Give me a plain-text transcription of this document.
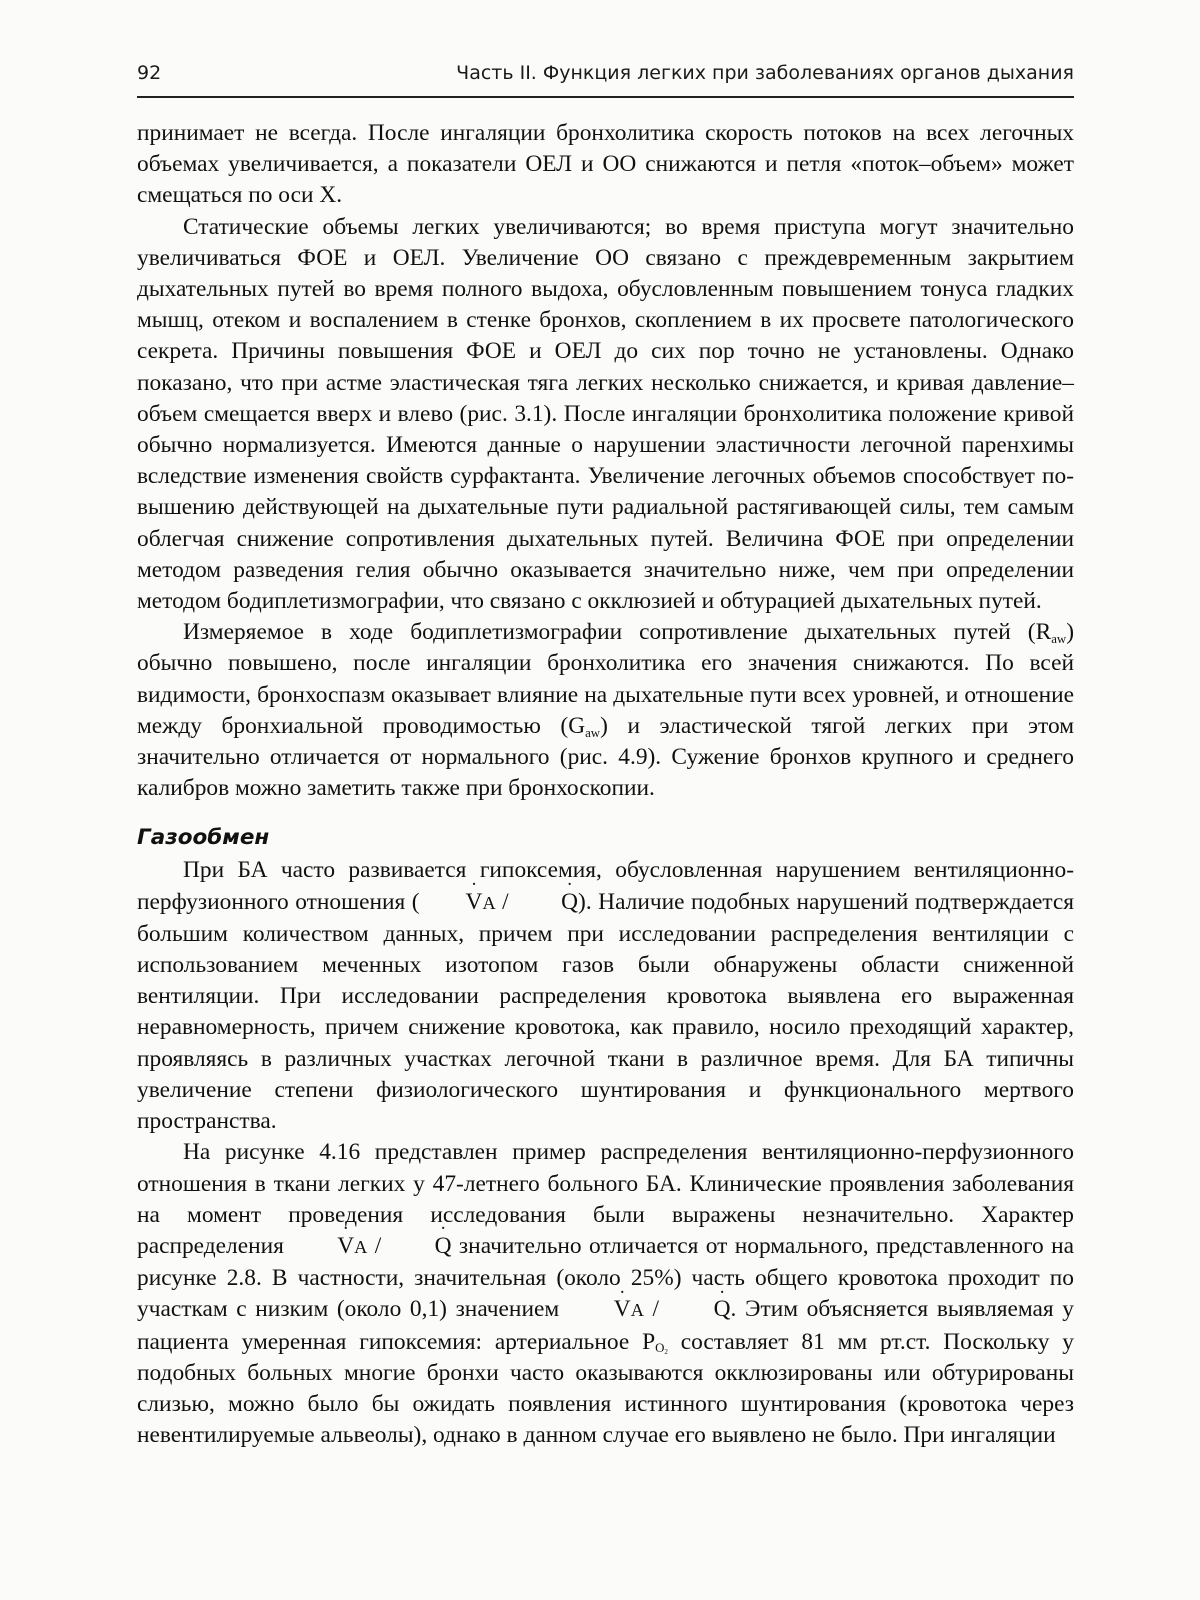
92	Часть II. Функция легких при заболеваниях органов дыхания

принимает не всегда. После ингаляции бронхолитика скорость потоков на всех легочных объемах увеличивается, а показатели ОЕЛ и ОО снижаются и петля «поток–объем» может смещаться по оси X.

Статические объемы легких увеличиваются; во время приступа могут значительно увеличиваться ФОЕ и ОЕЛ. Увеличение ОО связано с преждевременным закрытием дыхательных путей во время полного выдоха, обусловленным повышением тонуса гладких мышц, отеком и воспалением в стенке бронхов, скоплением в их просвете патологического секрета. Причины повышения ФОЕ и ОЕЛ до сих пор точно не установлены. Однако показано, что при астме эластическая тяга легких несколько снижается, и кривая давление–объем смещается вверх и влево (рис. 3.1). После ингаляции бронхолитика положение кривой обычно нормализуется. Имеются данные о нарушении эластичности легочной паренхимы вследствие изменения свойств сурфактанта. Увеличение легочных объемов способствует повышению действующей на дыхательные пути радиальной растягивающей силы, тем самым облегчая снижение сопротивления дыхательных путей. Величина ФОЕ при определении методом разведения гелия обычно оказывается значительно ниже, чем при определении методом бодиплетизмографии, что связано с окклюзией и обтурацией дыхательных путей.

Измеряемое в ходе бодиплетизмографии сопротивление дыхательных путей $(R_{aw})$ обычно повышено, после ингаляции бронхолитика его значения снижаются. По всей видимости, бронхоспазм оказывает влияние на дыхательные пути всех уровней, и отношение между бронхиальной проводимостью $(G_{aw})$ и эластической тягой легких при этом значительно отличается от нормального (рис. 4.9). Сужение бронхов крупного и среднего калибров можно заметить также при бронхоскопии.

Газообмен

При БА часто развивается гипоксемия, обусловленная нарушением вентиляционно-перфузионного отношения (˙ VA / ˙ Q). Наличие подобных нарушений подтверждается большим количеством данных, причем при исследовании распределения вентиляции с использованием меченных изотопом газов были обнаружены области сниженной вентиляции. При исследовании распределения кровотока выявлена его выраженная неравномерность, причем снижение кровотока, как правило, носило преходящий характер, проявляясь в различных участках легочной ткани в различное время. Для БА типичны увеличение степени физиологического шунтирования и функционального мертвого пространства.

На рисунке 4.16 представлен пример распределения вентиляционно-перфузионного отношения в ткани легких у 47-летнего больного БА. Клинические проявления заболевания на момент проведения исследования были выражены незначительно. Характер распределения ˙ VA / ˙ Q значительно отличается от нормального, представленного на рисунке 2.8. В частности, значительная (около 25%) часть общего кровотока проходит по участкам с низким (около 0,1) значением ˙ VA / ˙ Q. Этим объясняется выявляемая у пациента умеренная гипоксемия: артериальное $P_{O_2}$ составляет 81 мм рт.ст. Поскольку у подобных больных многие бронхи часто оказываются окклюзированы или обтурированы слизью, можно было бы ожидать появления истинного шунтирования (кровотока через невентилируемые альвеолы), однако в данном случае его выявлено не было. При ингаляции
